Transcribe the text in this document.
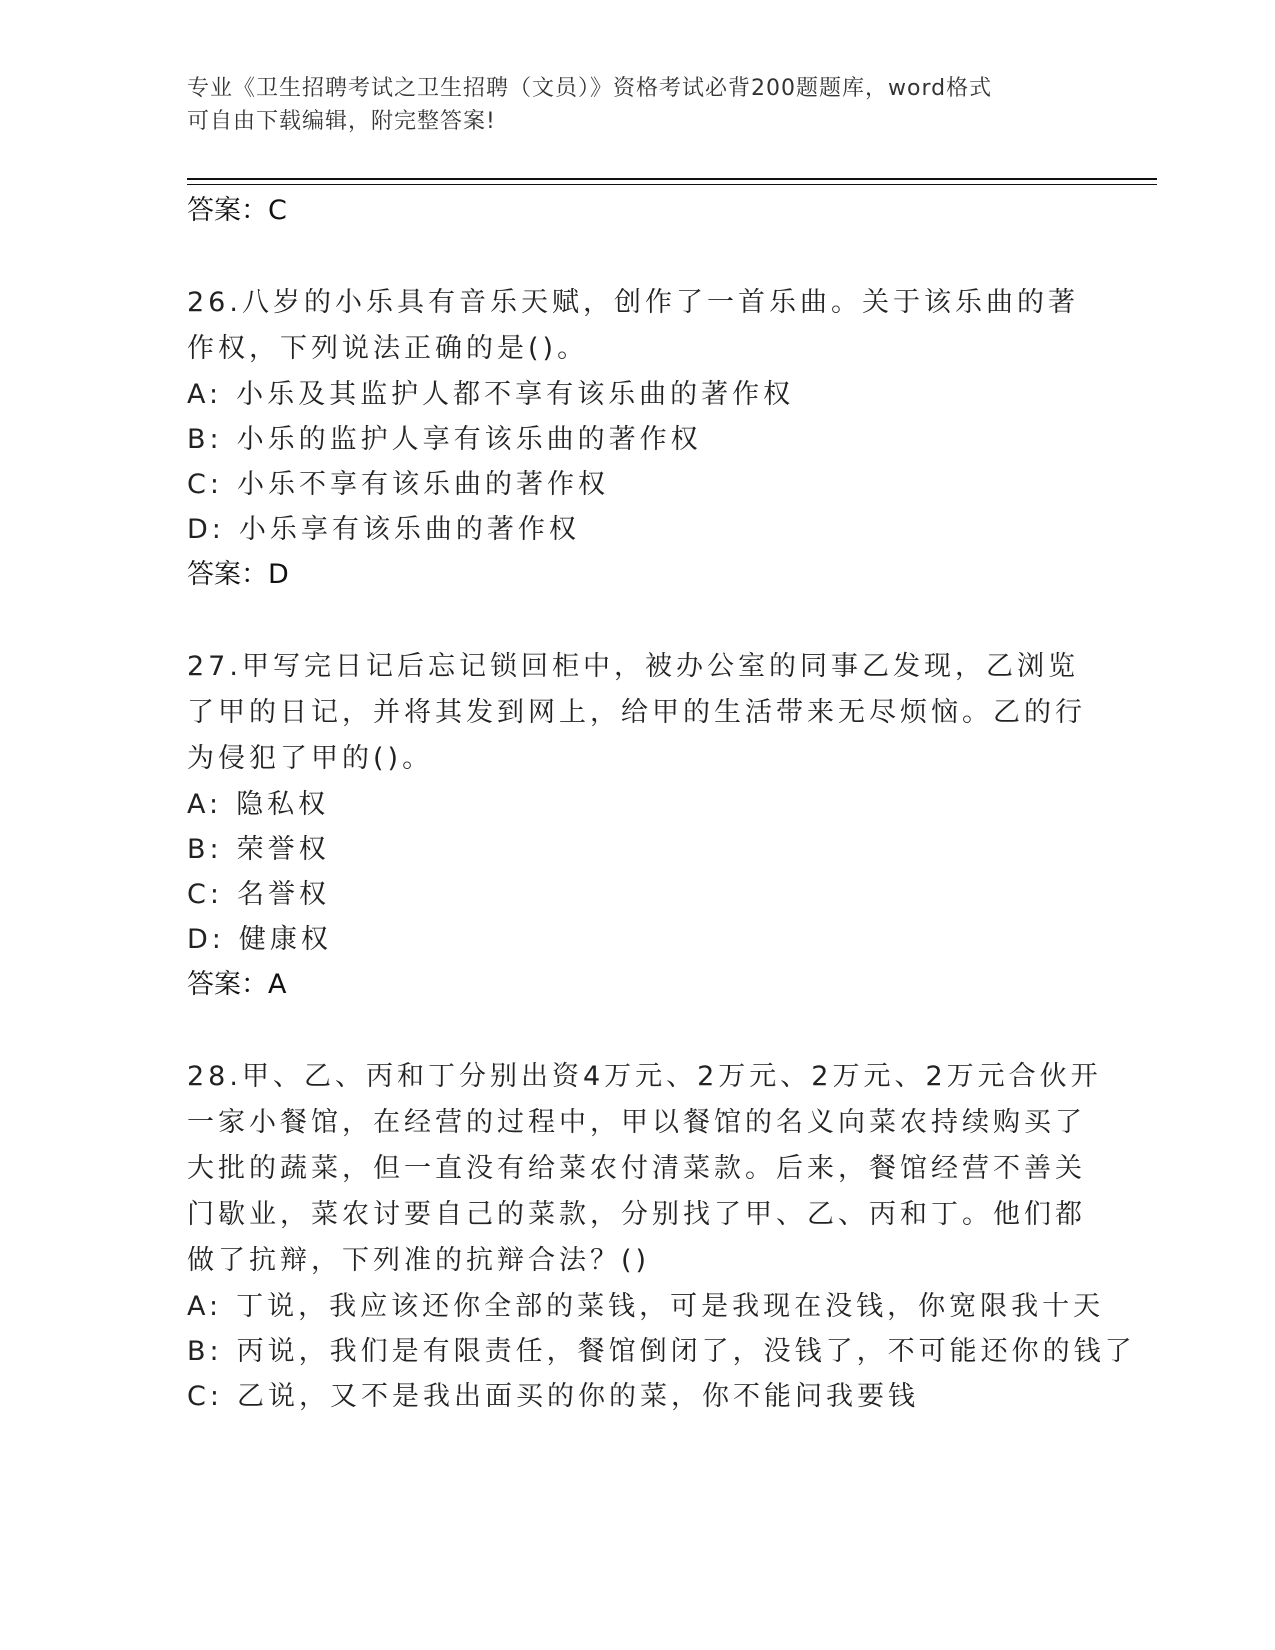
专业《卫生招聘考试之卫生招聘（文员）》资格考试必背200题题库，word格式
可自由下载编辑，附完整答案!
答案：C
26.八岁的小乐具有音乐天赋，创作了一首乐曲。关于该乐曲的著作权，下列说法正确的是()。
A: 小乐及其监护人都不享有该乐曲的著作权
B: 小乐的监护人享有该乐曲的著作权
C: 小乐不享有该乐曲的著作权
D: 小乐享有该乐曲的著作权
答案：D
27.甲写完日记后忘记锁回柜中，被办公室的同事乙发现，乙浏览了甲的日记，并将其发到网上，给甲的生活带来无尽烦恼。乙的行为侵犯了甲的()。
A: 隐私权
B: 荣誉权
C: 名誉权
D: 健康权
答案：A
28.甲、乙、丙和丁分别出资4万元、2万元、2万元、2万元合伙开一家小餐馆，在经营的过程中，甲以餐馆的名义向菜农持续购买了大批的蔬菜，但一直没有给菜农付清菜款。后来，餐馆经营不善关门歇业，菜农讨要自己的菜款，分别找了甲、乙、丙和丁。他们都做了抗辩，下列准的抗辩合法？()
A: 丁说，我应该还你全部的菜钱，可是我现在没钱，你宽限我十天
B: 丙说，我们是有限责任，餐馆倒闭了，没钱了，不可能还你的钱了
C: 乙说，又不是我出面买的你的菜，你不能问我要钱
